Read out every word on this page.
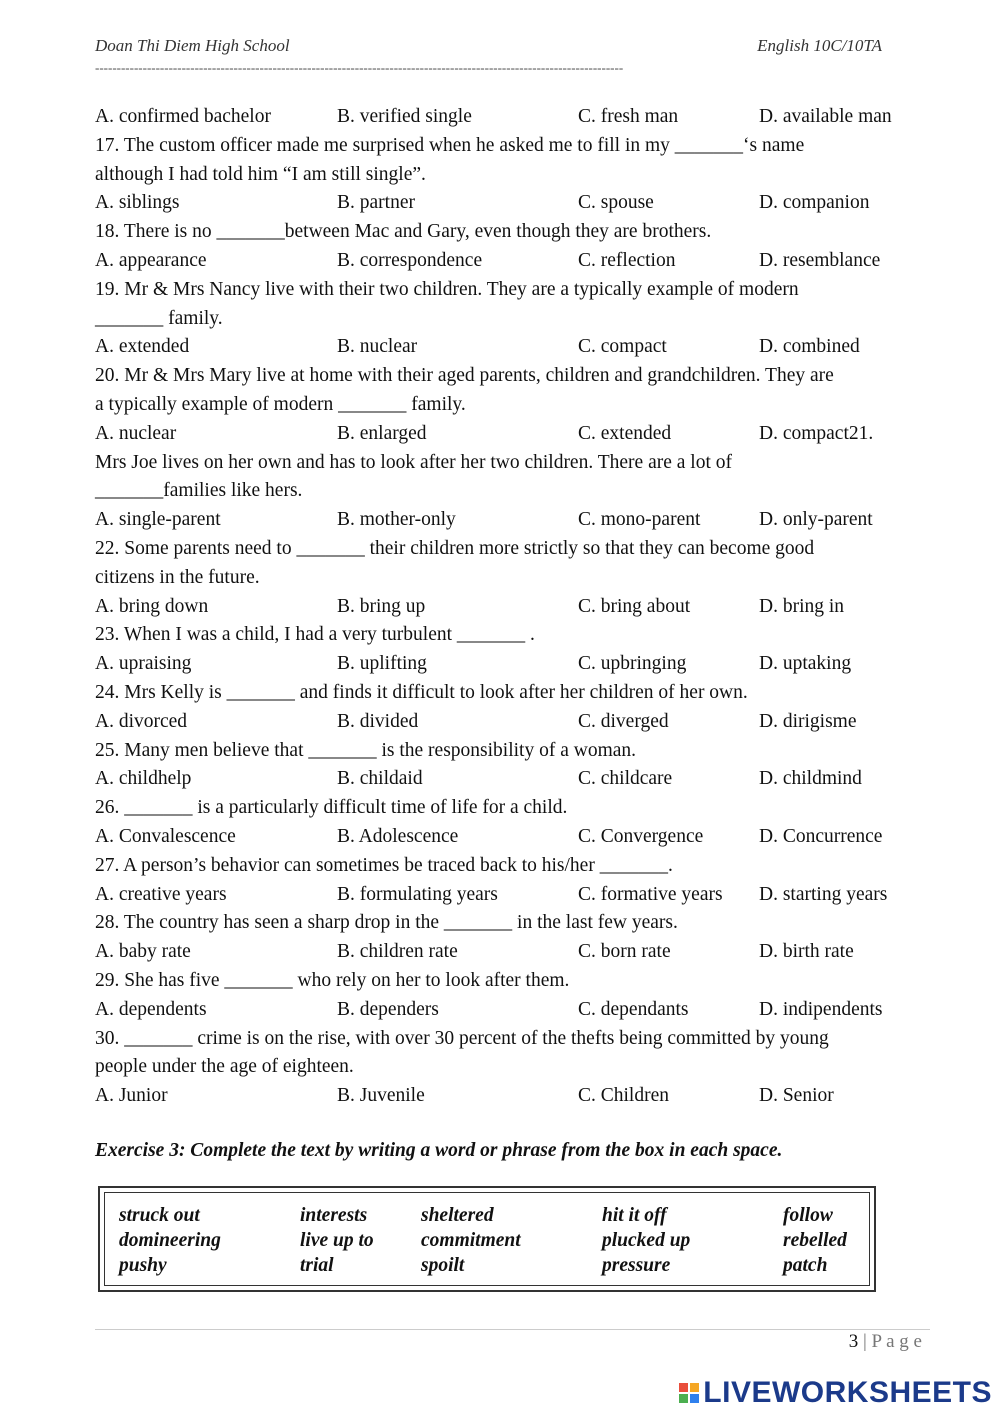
Doan Thi Diem High School	English 10C/10TA
--------------------------------------------------------------------------------------------------------------------------
A. confirmed bachelor	B. verified single	C. fresh man	D. available man
17. The custom officer made me surprised when he asked me to fill in my _______‘s name
although I had told him “I am still single”.
A. siblings	B. partner	C. spouse	D. companion
18. There is no _______between Mac and Gary, even though they are brothers.
A. appearance	B. correspondence	C. reflection	D. resemblance
19. Mr & Mrs Nancy live with their two children. They are a typically example of modern
_______ family.
A. extended	B. nuclear	C. compact	D. combined
20. Mr & Mrs Mary live at home with their aged parents, children and grandchildren. They are
a typically example of modern _______ family.
A. nuclear	B. enlarged	C. extended	D. compact21.
Mrs Joe lives on her own and has to look after her two children. There are a lot of
_______families like hers.
A. single-parent	B. mother-only	C. mono-parent	D. only-parent
22. Some parents need to _______ their children more strictly so that they can become good
citizens in the future.
A. bring down	B. bring up	C. bring about	D. bring in
23. When I was a child, I had a very turbulent _______ .
A. upraising	B. uplifting	C. upbringing	D. uptaking
24. Mrs Kelly is _______ and finds it difficult to look after her children of her own.
A. divorced	B. divided	C. diverged	D. dirigisme
25. Many men believe that _______ is the responsibility of a woman.
A. childhelp	B. childaid	C. childcare	D. childmind
26. _______ is a particularly difficult time of life for a child.
A. Convalescence	B. Adolescence	C. Convergence	D. Concurrence
27. A person’s behavior can sometimes be traced back to his/her _______.
A. creative years	B. formulating years	C. formative years	D. starting years
28. The country has seen a sharp drop in the _______ in the last few years.
A. baby rate	B. children rate	C. born rate	D. birth rate
29. She has five _______ who rely on her to look after them.
A. dependents	B. dependers	C. dependants	D. indipendents
30. _______ crime is on the rise, with over 30 percent of the thefts being committed by young
people under the age of eighteen.
A. Junior	B. Juvenile	C. Children	D. Senior
Exercise 3: Complete the text by writing a word or phrase from the box in each space.
struck out	interests	sheltered	hit it off	follow
domineering	live up to	commitment	plucked up	rebelled
pushy	trial	spoilt	pressure	patch
3 | P a g e
LIVEWORKSHEETS
